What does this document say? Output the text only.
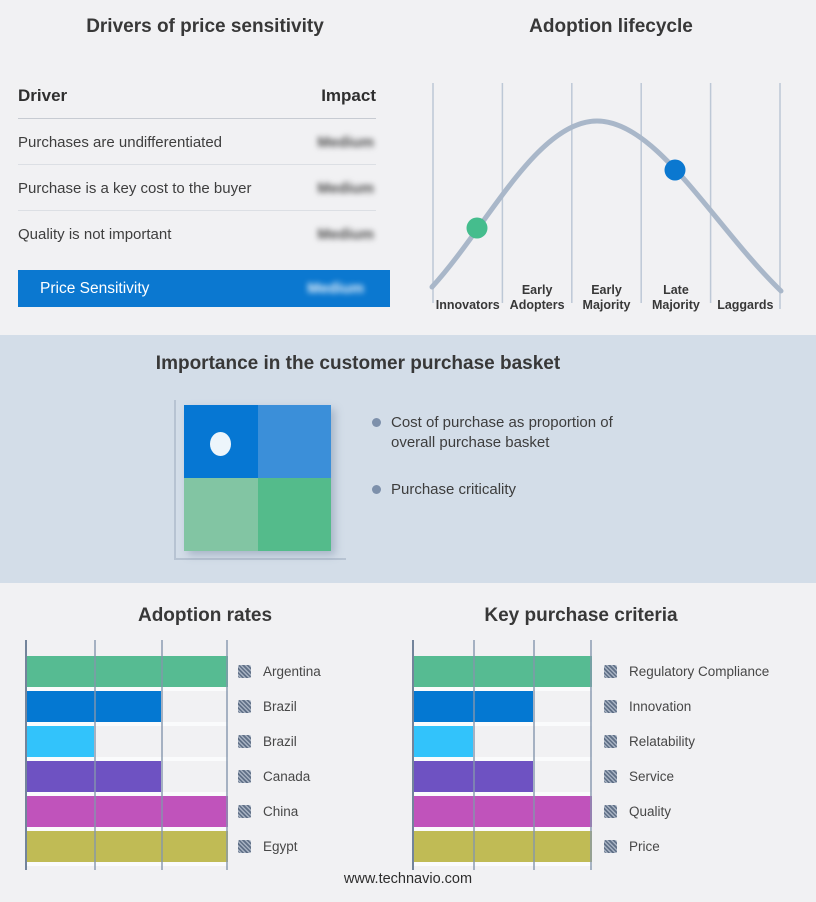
Drivers of price sensitivity
Driver	Impact
Purchases are undifferentiated	Medium
Purchase is a key cost to the buyer	Medium
Quality is not important	Medium
Price Sensitivity	Medium
Adoption lifecycle
Innovators
Early Adopters
Early Majority
Late Majority	Laggards
Importance in the customer purchase basket
Cost of purchase as proportion of overall purchase basket
Purchase criticality
Adoption rates	Key purchase criteria
Argentina
Brazil
Brazil
Canada
China
Egypt
Regulatory Compliance
Innovation
Relatability
Service
Quality
Price
www.technavio.com
